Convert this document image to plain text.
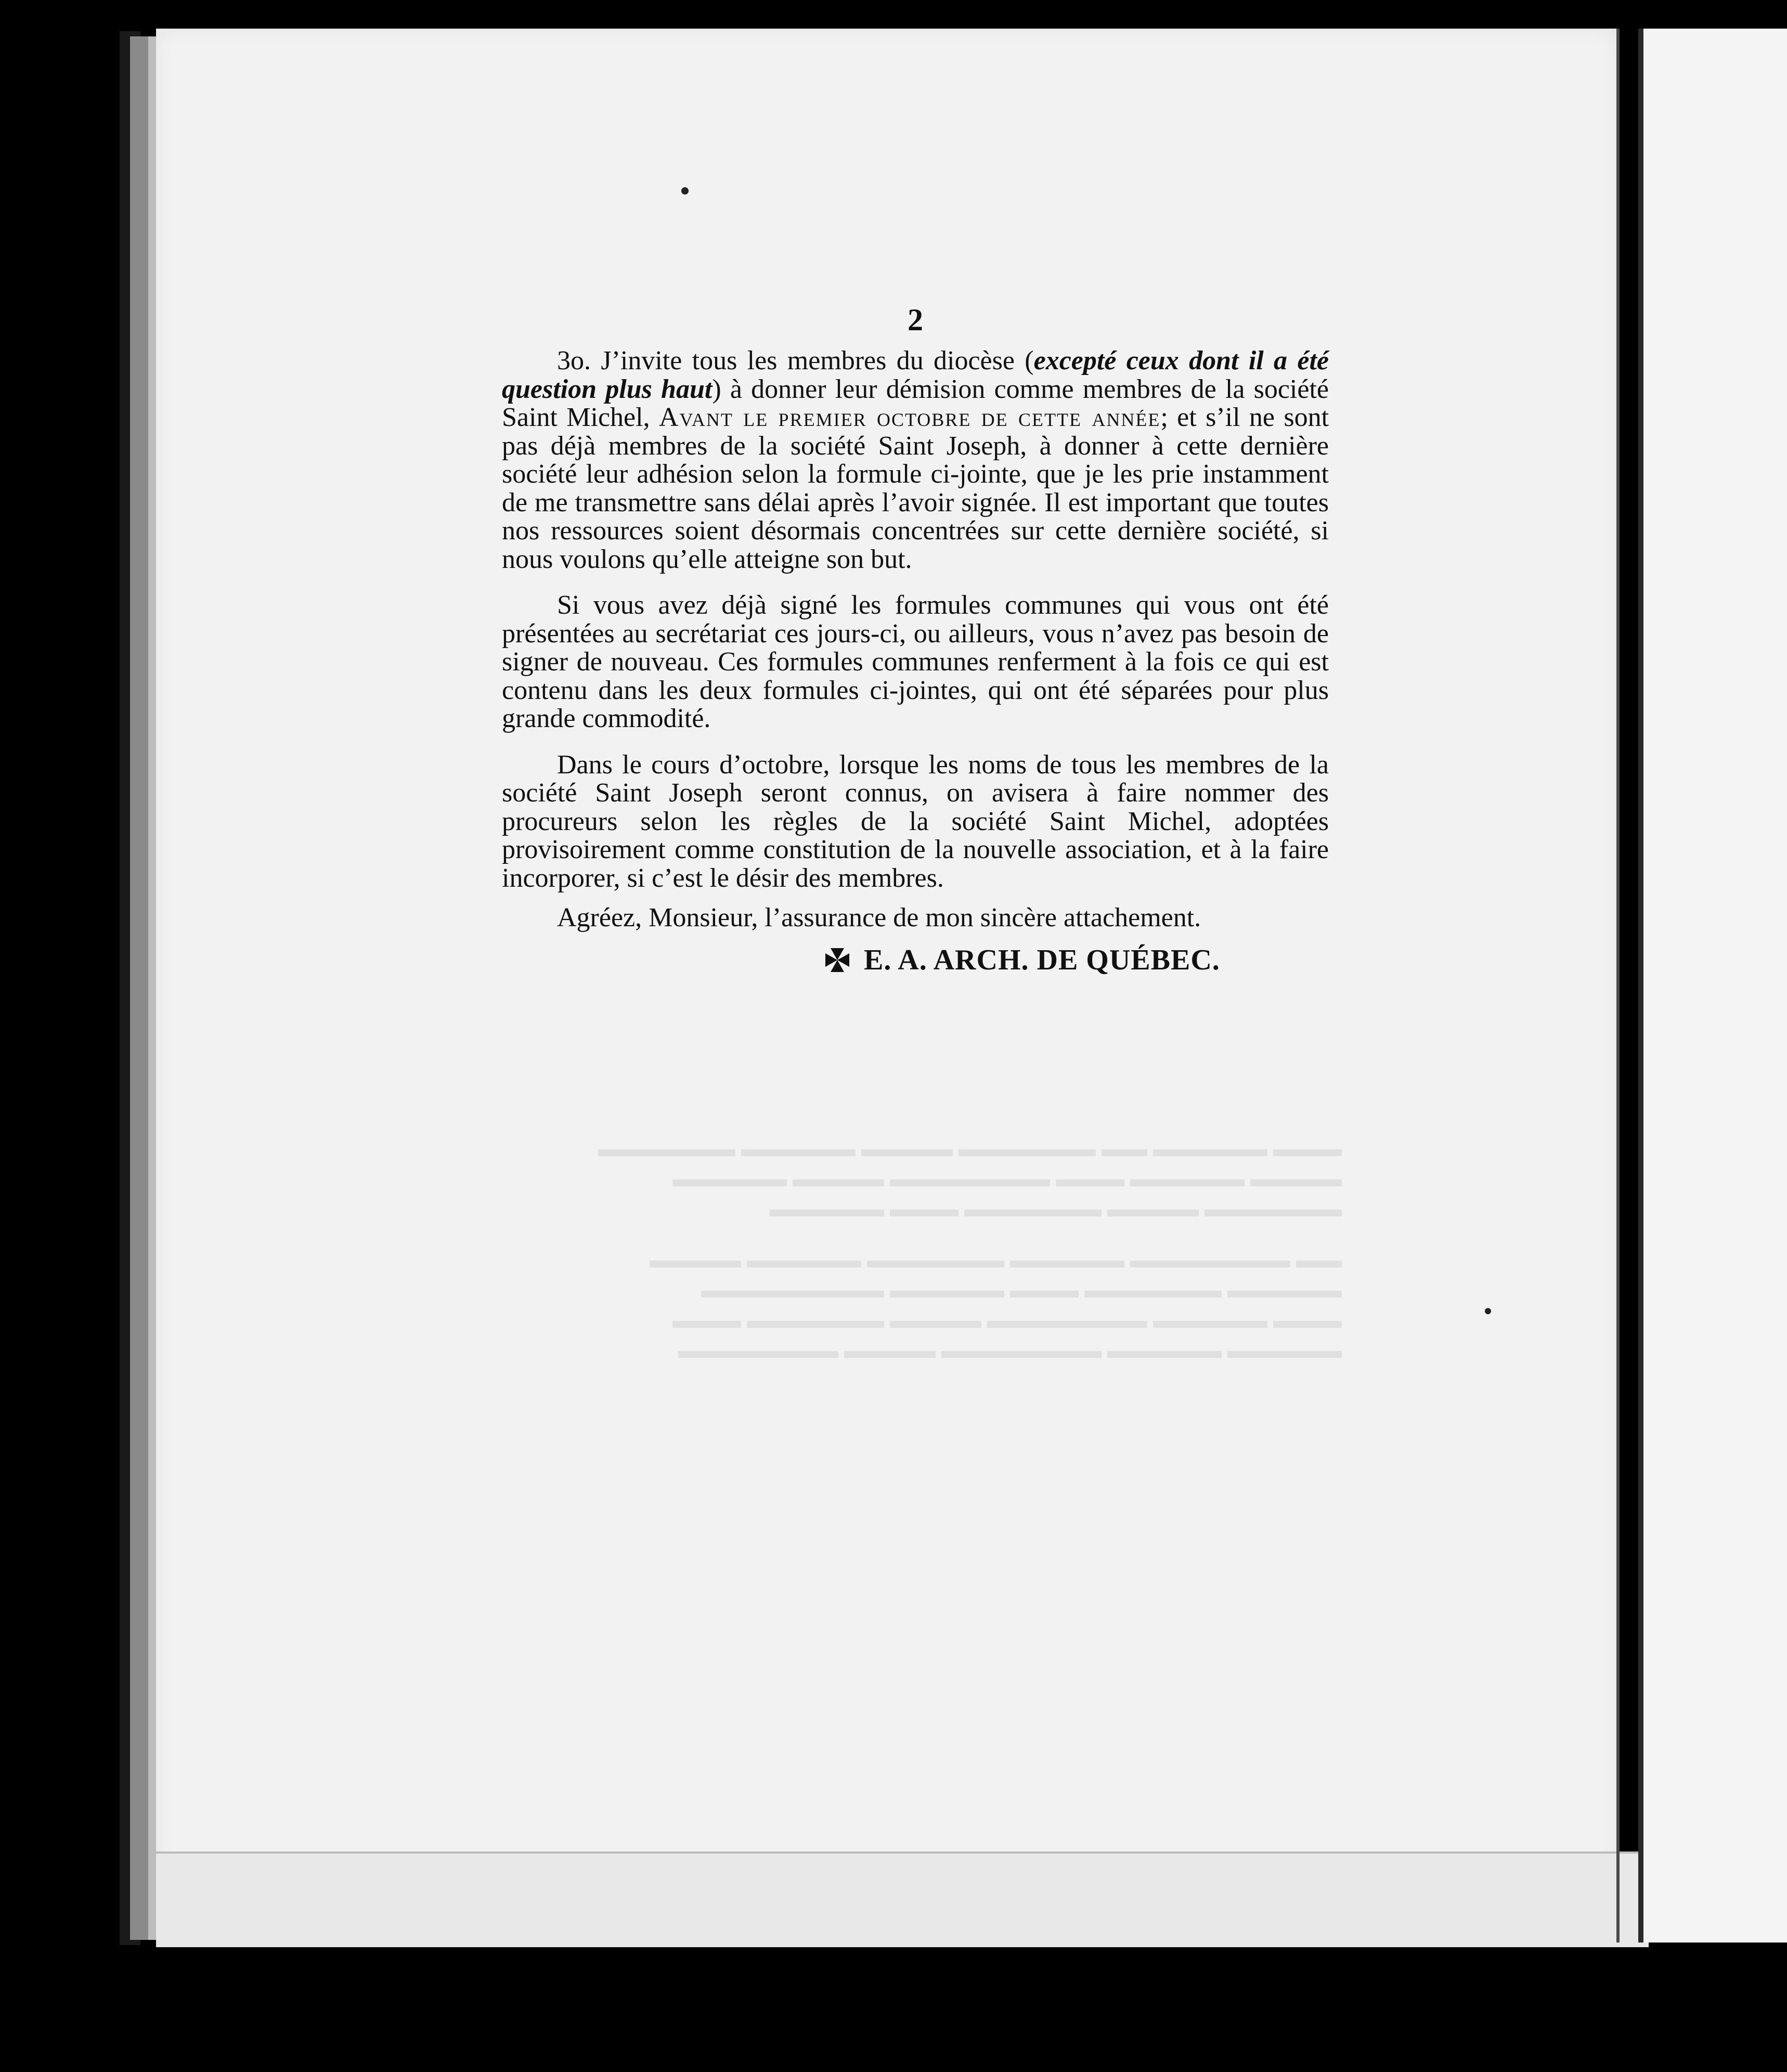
2

3o. J’invite tous les membres du diocèse (excepté ceux dont il a été question plus haut) à donner leur démision comme membres de la société Saint Michel, Avant le premier octobre de cette année; et s’il ne sont pas déjà membres de la société Saint Joseph, à donner à cette dernière société leur adhésion selon la formule ci-jointe, que je les prie instamment de me transmettre sans délai après l’avoir signée. Il est important que toutes nos ressources soient désormais concentrées sur cette dernière société, si nous voulons qu’elle atteigne son but.

Si vous avez déjà signé les formules communes qui vous ont été présentées au secrétariat ces jours-ci, ou ailleurs, vous n’avez pas besoin de signer de nouveau. Ces formules communes renferment à la fois ce qui est contenu dans les deux formules ci-jointes, qui ont été séparées pour plus grande commodité.

Dans le cours d’octobre, lorsque les noms de tous les membres de la société Saint Joseph seront connus, on avisera à faire nommer des procureurs selon les règles de la société Saint Michel, adoptées provisoirement comme constitution de la nouvelle association, et à la faire incorporer, si c’est le désir des membres.

Agréez, Monsieur, l’assurance de mon sincère attachement.

E. A. ARCH. DE QUÉBEC.
